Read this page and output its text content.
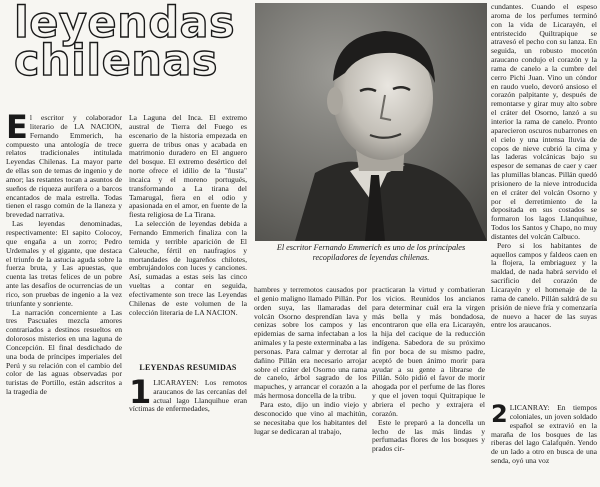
leyendas
chilenas

El escritor y colaborador literario de LA NACION, Fernando Emmerich, ha compuesto una antología de trece relatos tradicionales intitulada Leyendas Chilenas. La mayor parte de ellas son de temas de ingenio y de amor; las restantes tocan a asuntos de sueños de riqueza aurífera o a barcos encantados de mala estrella. Todas tienen el rasgo común de la llaneza y brevedad narrativa.

Las leyendas denominadas, respectivamente: El sapito Colocoy, que engaña a un zorro; Pedro Urdemales y el gigante, que destaca el triunfo de la astucia aguda sobre la fuerza bruta, y Las apuestas, que cuenta las tretas felices de un pobre ante las desafíos de ocurrencias de un rico, son pruebas de ingenio a la vez triunfante y sonriente.

La narración concerniente a Las tres Pascuales mezcla amores contrariados a destinos resueltos en dolorosos misterios en una laguna de Concepción. El final desdichado de una boda de príncipes imperiales del Perú y su relación con el cambio del color de las aguas observadas por turistas de Portillo, están adscritos a la tragedia de

La Laguna del Inca. El extremo austral de Tierra del Fuego es escenario de la historia empezada en guerra de tribus onas y acabada en matrimonio duradero en El anguero del bosque. El extremo desértico del norte ofrece el idilio de la "ñusta" incaica y el moreno portugués, transformando a La tirana del Tamarugal, fiera en el odio y apasionada en el amor, en fuente de la fiesta religiosa de La Tirana.

La selección de leyendas debida a Fernando Emmerich finaliza con la temida y terrible aparición de El Caleuche, fértil en naufragios y mortandades de lugareños chilotes, embrujándolos con luces y canciones. Así, sumadas a estas seis las cinco vueltas a contar en seguida, efectivamente son trece las Leyendas Chilenas de este volumen de la colección literaria de LA NACION.

LEYENDAS RESUMIDAS

1 LICARAYEN: Los remotos araucanos de las cercanías del actual lago Llanquihue eran víctimas de enfermedades,

El escritor Fernando Emmerich es uno de los principales recopiladores de leyendas chilenas.

hambres y terremotos causados por el genio maligno llamado Pillán. Por orden suya, las llamaradas del volcán Osorno desprendían lava y cenizas sobre los campos y las epidemias de sarna infectaban a los animales y la peste exterminaba a las personas. Para calmar y derrotar al dañino Pillán era necesario arrojar sobre el cráter del Osorno una rama de canelo, árbol sagrado de los mapuches, y arrancar el corazón a la más hermosa doncella de la tribu.

Para esto, dijo un indio viejo y desconocido que vino al machitún, se necesitaba que los habitantes del lugar se dedicaran al trabajo,

practicaran la virtud y combatieran los vicios. Reunidos los ancianos para determinar cuál era la virgen más bella y más bondadosa, encontraron que ella era Licarayén, la hija del cacique de la reducción indígena. Sabedora de su próximo fin por boca de su mismo padre, aceptó de buen ánimo morir para ayudar a su gente a librarse de Pillán. Sólo pidió el favor de morir ahogada por el perfume de las flores y que el joven toqui Quitrapique le abriera el pecho y extrajera el corazón.

Este le preparó a la doncella un lecho de las más lindas y perfumadas flores de los bosques y prados cir-

cundantes. Cuando el espeso aroma de los perfumes terminó con la vida de Licarayén, el entristecido Quiltrapique se atravesó el pecho con su lanza. En seguida, un robusto mocetón araucano condujo el corazón y la rama de canelo a la cumbre del cerro Pichi Juan. Vino un cóndor en raudo vuelo, devoró ansioso el corazón palpitante y, después de remontarse y girar muy alto sobre el cráter del Osorno, lanzó a su interior la rama de canelo. Pronto aparecieron oscuros nubarrones en el cielo y una intensa lluvia de copos de nieve cubrió la cima y las laderas volcánicas bajo su espesor de semanas de caer y caer las plumillas blancas. Pillán quedó prisionero de la nieve introducida en el cráter del volcán Osorno y por el derretimiento de la depositada en sus costados se formaron los lagos Llanquihue, Todos los Santos y Chapo, no muy distantes del volcán Calbuco.

Pero si los habitantes de aquellos campos y faldeos caen en la flojera, la embriaguez y la maldad, de nada habrá servido el sacrificio del corazón de Licarayén y el homenaje de la rama de canelo. Pillán saldrá de su prisión de nieve fría y comenzaría de nuevo a hacer de las suyas entre los araucanos.

2 LICANRAY: En tiempos coloniales, un joven soldado español se extravió en la maraña de los bosques de las riberas del lago Calafquén. Yendo de un lado a otro en busca de una senda, oyó una voz
